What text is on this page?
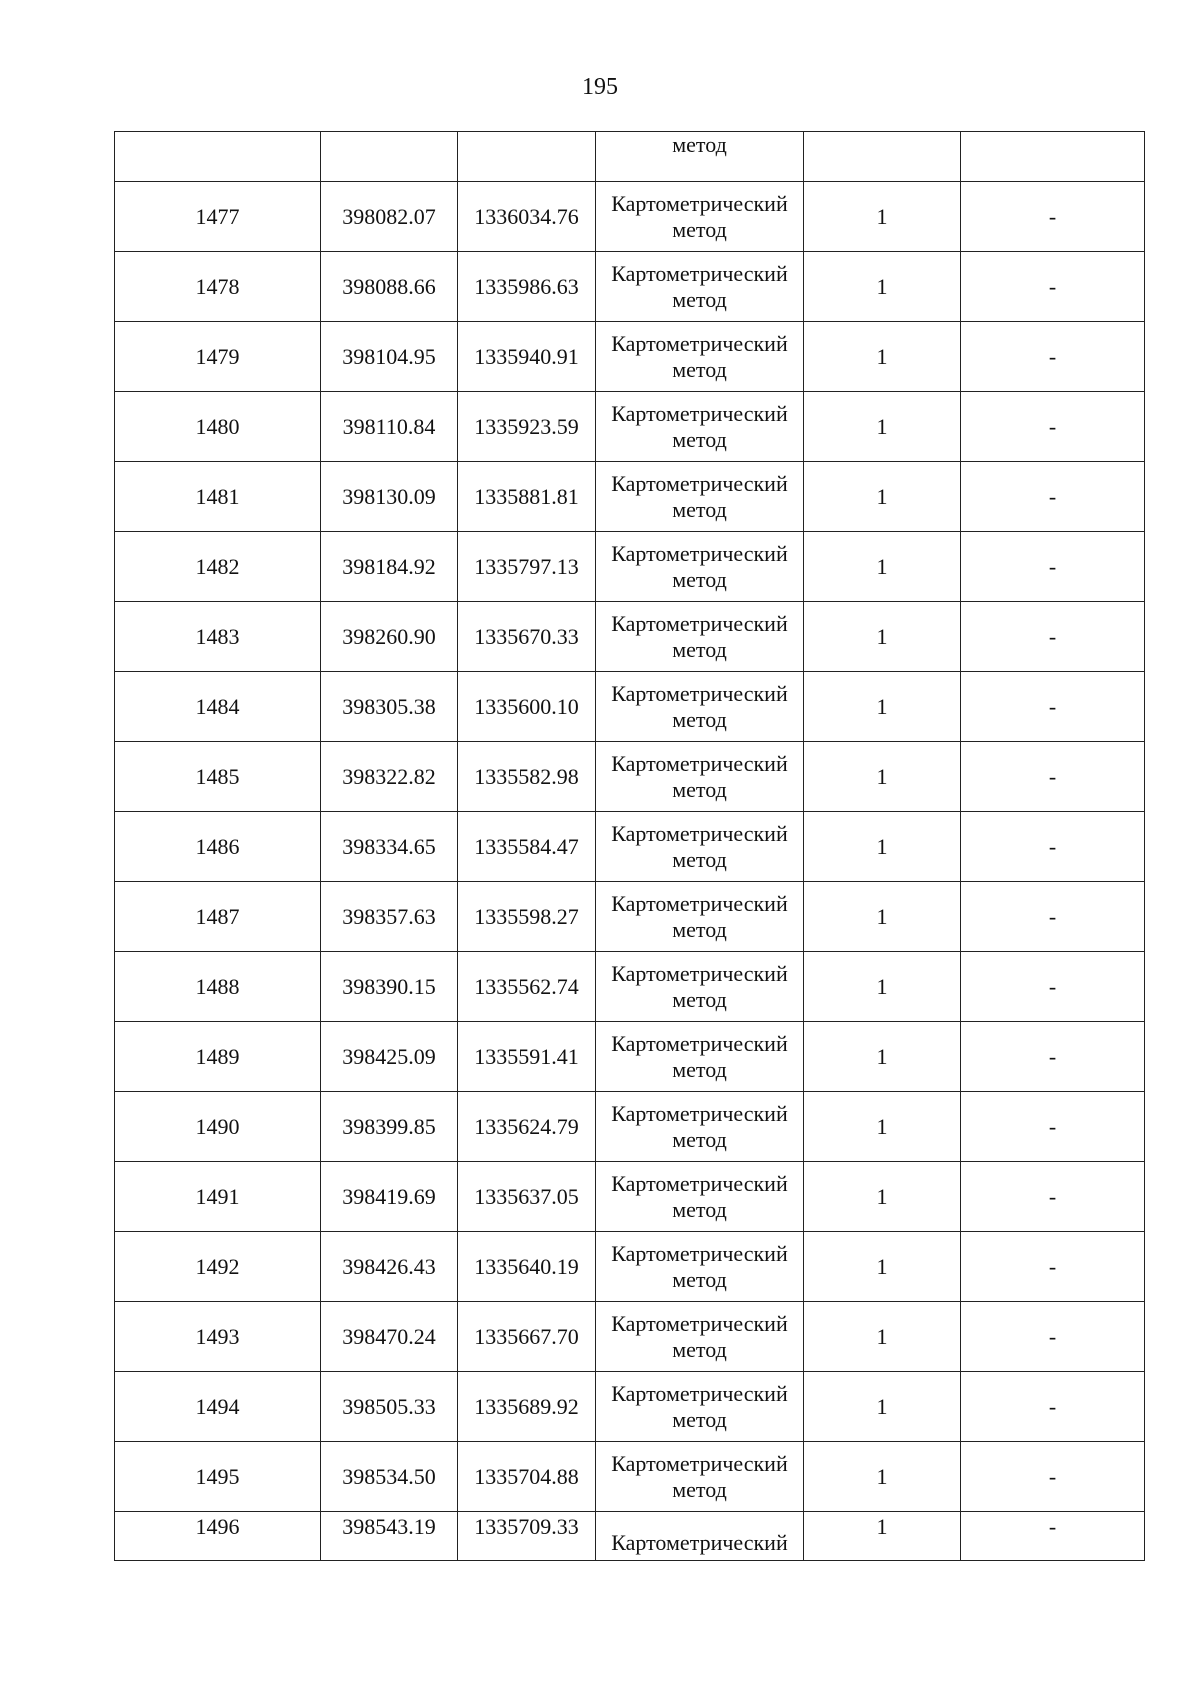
195
			метод		
1477	398082.07	1336034.76	Картометрический
метод	1	-
1478	398088.66	1335986.63	Картометрический
метод	1	-
1479	398104.95	1335940.91	Картометрический
метод	1	-
1480	398110.84	1335923.59	Картометрический
метод	1	-
1481	398130.09	1335881.81	Картометрический
метод	1	-
1482	398184.92	1335797.13	Картометрический
метод	1	-
1483	398260.90	1335670.33	Картометрический
метод	1	-
1484	398305.38	1335600.10	Картометрический
метод	1	-
1485	398322.82	1335582.98	Картометрический
метод	1	-
1486	398334.65	1335584.47	Картометрический
метод	1	-
1487	398357.63	1335598.27	Картометрический
метод	1	-
1488	398390.15	1335562.74	Картометрический
метод	1	-
1489	398425.09	1335591.41	Картометрический
метод	1	-
1490	398399.85	1335624.79	Картометрический
метод	1	-
1491	398419.69	1335637.05	Картометрический
метод	1	-
1492	398426.43	1335640.19	Картометрический
метод	1	-
1493	398470.24	1335667.70	Картометрический
метод	1	-
1494	398505.33	1335689.92	Картометрический
метод	1	-
1495	398534.50	1335704.88	Картометрический
метод	1	-
1496	398543.19	1335709.33	Картометрический	1	-
